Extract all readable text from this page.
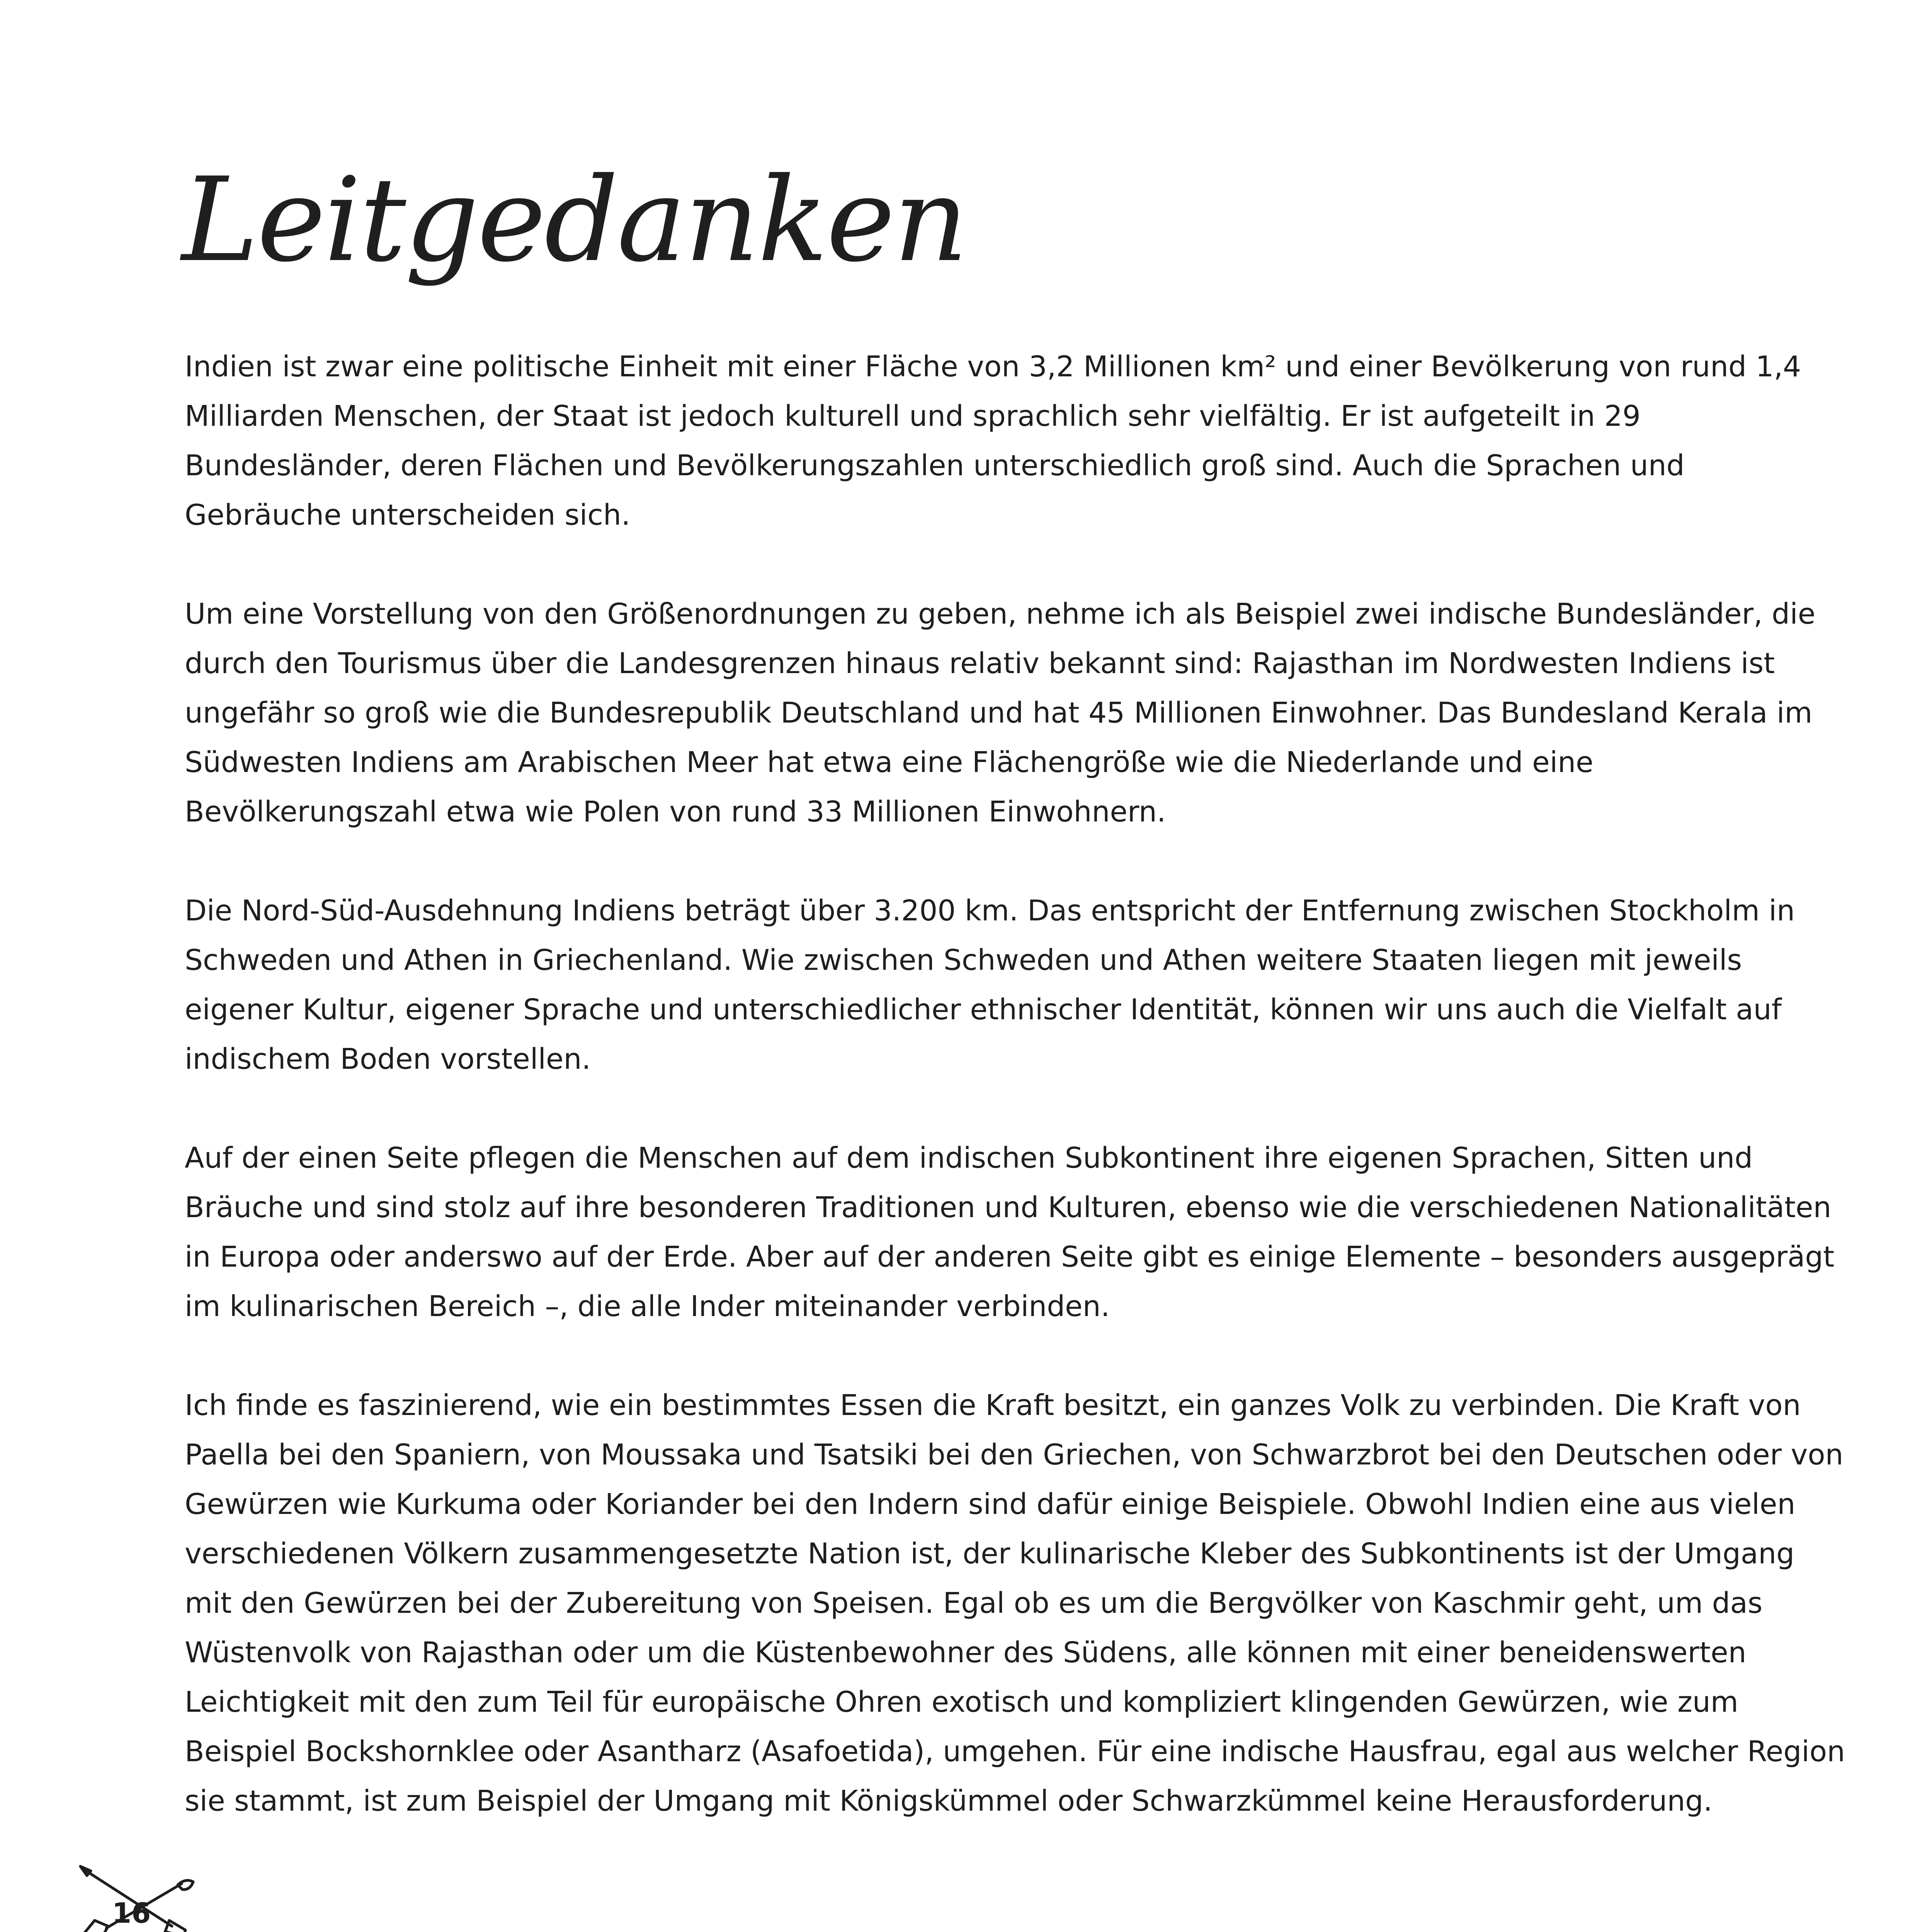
Leitgedanken

Indien ist zwar eine politische Einheit mit einer Fläche von 3,2 Millionen km² und einer Bevölkerung von rund 1,4 Milliarden Menschen, der Staat ist jedoch kulturell und sprachlich sehr vielfältig. Er ist aufgeteilt in 29 Bundesländer, deren Flächen und Bevölkerungszahlen unterschiedlich groß sind. Auch die Sprachen und Gebräuche unterscheiden sich.

Um eine Vorstellung von den Größenordnungen zu geben, nehme ich als Beispiel zwei indische Bundesländer, die durch den Tourismus über die Landesgrenzen hinaus relativ bekannt sind: Rajasthan im Nordwesten Indiens ist ungefähr so groß wie die Bundesrepublik Deutschland und hat 45 Millionen Einwohner. Das Bundesland Kerala im Südwesten Indiens am Arabischen Meer hat etwa eine Flächengröße wie die Niederlande und eine Bevölkerungszahl etwa wie Polen von rund 33 Millionen Einwohnern.

Die Nord-Süd-Ausdehnung Indiens beträgt über 3.200 km. Das entspricht der Entfernung zwischen Stockholm in Schweden und Athen in Griechenland. Wie zwischen Schweden und Athen weitere Staaten liegen mit jeweils eigener Kultur, eigener Sprache und unterschiedlicher ethnischer Identität, können wir uns auch die Vielfalt auf indischem Boden vorstellen.

Auf der einen Seite pflegen die Menschen auf dem indischen Subkontinent ihre eigenen Sprachen, Sitten und Bräuche und sind stolz auf ihre besonderen Traditionen und Kulturen, ebenso wie die verschiedenen Nationalitäten in Europa oder anderswo auf der Erde. Aber auf der anderen Seite gibt es einige Elemente – besonders ausgeprägt im kulinarischen Bereich –, die alle Inder miteinander verbinden.

Ich finde es faszinierend, wie ein bestimmtes Essen die Kraft besitzt, ein ganzes Volk zu verbinden. Die Kraft von Paella bei den Spaniern, von Moussaka und Tsatsiki bei den Griechen, von Schwarzbrot bei den Deutschen oder von Gewürzen wie Kurkuma oder Koriander bei den Indern sind dafür einige Beispiele. Obwohl Indien eine aus vielen verschiedenen Völkern zusammengesetzte Nation ist, der kulinarische Kleber des Subkontinents ist der Umgang mit den Gewürzen bei der Zubereitung von Speisen. Egal ob es um die Bergvölker von Kaschmir geht, um das Wüstenvolk von Rajasthan oder um die Küstenbewohner des Südens, alle können mit einer beneidenswerten Leichtigkeit mit den zum Teil für europäische Ohren exotisch und kompliziert klingenden Gewürzen, wie zum Beispiel Bockshornklee oder Asantharz (Asafoetida), umgehen. Für eine indische Hausfrau, egal aus welcher Region sie stammt, ist zum Beispiel der Umgang mit Königskümmel oder Schwarzkümmel keine Herausforderung.

16
